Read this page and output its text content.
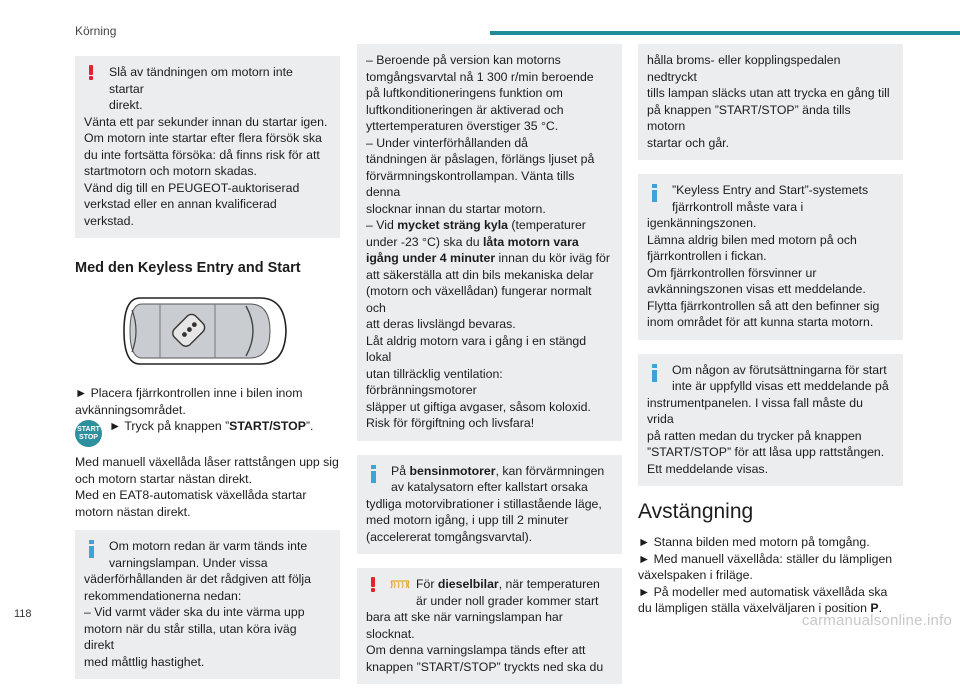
Körning

Slå av tändningen om motorn inte startar

direkt.

Vänta ett par sekunder innan du startar igen.

Om motorn inte startar efter flera försök ska

du inte fortsätta försöka: då finns risk för att

startmotorn och motorn skadas.

Vänd dig till en PEUGEOT-auktoriserad

verkstad eller en annan kvalificerad verkstad.

Med den Keyless Entry and Start

► Placera fjärrkontrollen inne i bilen inom

avkänningsområdet.

START
STOP

► Tryck på knappen ”START/STOP”.

Med manuell växellåda låser rattstången upp sig

och motorn startar nästan direkt.

Med en EAT8-automatisk växellåda startar

motorn nästan direkt.

Om motorn redan är varm tänds inte

varningslampan. Under vissa

väderförhållanden är det rådgiven att följa

rekommendationerna nedan:

– Vid varmt väder ska du inte värma upp

motorn när du står stilla, utan köra iväg direkt

med måttlig hastighet.

– Beroende på version kan motorns

tomgångsvarvtal nå 1 300 r/min beroende

på luftkonditioneringens funktion om

luftkonditioneringen är aktiverad och

yttertemperaturen överstiger 35 °C.

– Under vinterförhållanden då

tändningen är påslagen, förlängs ljuset på

förvärmningskontrollampan. Vänta tills denna

slocknar innan du startar motorn.

– Vid mycket sträng kyla (temperaturer

under -23 °C) ska du låta motorn vara

igång under 4 minuter innan du kör iväg för

att säkerställa att din bils mekaniska delar

(motorn och växellådan) fungerar normalt och

att deras livslängd bevaras.

Låt aldrig motorn vara i gång i en stängd lokal

utan tillräcklig ventilation: förbränningsmotorer

släpper ut giftiga avgaser, såsom koloxid.

Risk för förgiftning och livsfara!

På bensinmotorer, kan förvärmningen

av katalysatorn efter kallstart orsaka

tydliga motorvibrationer i stillastående läge,

med motorn igång, i upp till 2 minuter

(accelererat tomgångsvarvtal).

För dieselbilar, när temperaturen

är under noll grader kommer start

bara att ske när varningslampan har slocknat.

Om denna varningslampa tänds efter att

knappen ”START/STOP” tryckts ned ska du

hålla broms- eller kopplingspedalen nedtryckt

tills lampan släcks utan att trycka en gång till

på knappen ”START/STOP” ända tills motorn

startar och går.

”Keyless Entry and Start”-systemets

fjärrkontroll måste vara i

igenkänningszonen.

Lämna aldrig bilen med motorn på och

fjärrkontrollen i fickan.

Om fjärrkontrollen försvinner ur

avkänningszonen visas ett meddelande.

Flytta fjärrkontrollen så att den befinner sig

inom området för att kunna starta motorn.

Om någon av förutsättningarna för start

inte är uppfylld visas ett meddelande på

instrumentpanelen. I vissa fall måste du vrida

på ratten medan du trycker på knappen

”START/STOP” för att låsa upp rattstången.

Ett meddelande visas.

Avstängning

► Stanna bilden med motorn på tomgång.

► Med manuell växellåda: ställer du lämpligen

växelspaken i friläge.

► På modeller med automatisk växellåda ska

du lämpligen ställa växelväljaren i position P.

118	carmanualsonline.info
